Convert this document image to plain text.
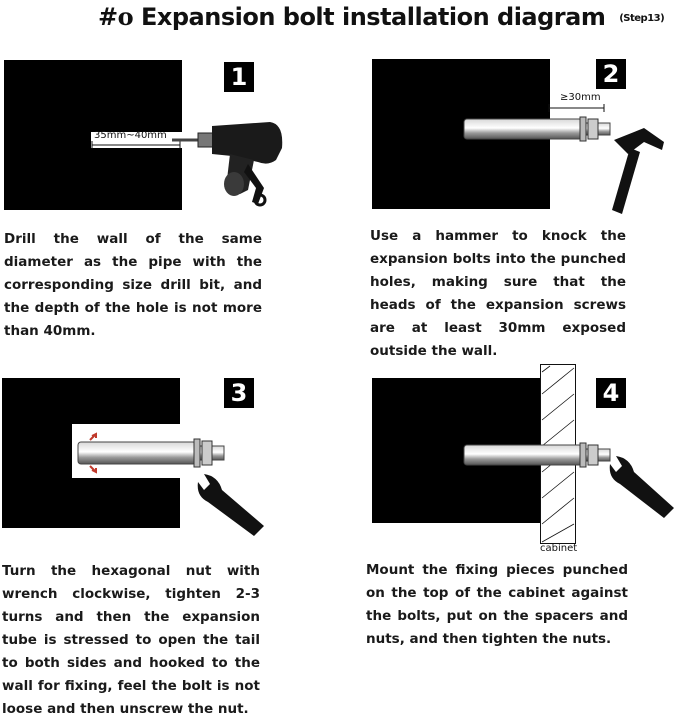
#o Expansion bolt installation diagram (Step13)
1
35mm~40mm
Drill the wall of the same diameter as the pipe with the corresponding size drill bit, and the depth of the hole is not more than 40mm.
2
≥30mm
Use a hammer to knock the expansion bolts into the punched holes, making sure that the heads of the expansion screws are at least 30mm exposed outside the wall.
3
Turn the hexagonal nut with wrench clockwise, tighten 2-3 turns and then the expansion tube is stressed to open the tail to both sides and hooked to the wall for fixing, feel the bolt is not loose and then unscrew the nut.
4
cabinet
Mount the fixing pieces punched on the top of the cabinet against the bolts, put on the spacers and nuts, and then tighten the nuts.
